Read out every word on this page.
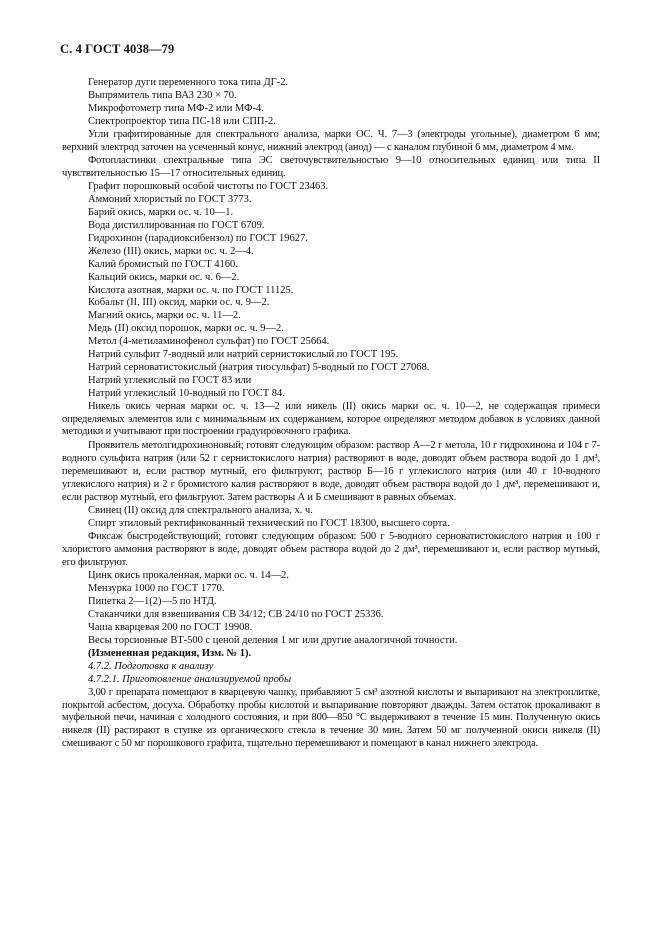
С. 4 ГОСТ 4038—79

Генератор дуги переменного тока типа ДГ-2.

Выпрямитель типа ВАЗ 230 × 70.

Микрофотометр типа МФ-2 или МФ-4.

Спектропроектор типа ПС-18 или СПП-2.

Угли графитированные для спектрального анализа, марки ОС. Ч. 7—3 (электроды угольные), диаметром 6 мм; верхний электрод заточен на усеченный конус, нижний электрод (анод) — с каналом глубиной 6 мм, диаметром 4 мм.

Фотопластинки спектральные типа ЭС светочувствительностью 9—10 относительных единиц или типа II чувствительностью 15—17 относительных единиц.

Графит порошковый особой чистоты по ГОСТ 23463.

Аммоний хлористый по ГОСТ 3773.

Барий окись, марки ос. ч. 10—1.

Вода дистиллированная по ГОСТ 6709.

Гидрохинон (парадиоксибензол) по ГОСТ 19627.

Железо (III) окись, марки ос. ч. 2—4.

Калий бромистый по ГОСТ 4160.

Кальций окись, марки ос. ч. 6—2.

Кислота азотная, марки ос. ч. по ГОСТ 11125.

Кобальт (II, III) оксид, марки ос. ч. 9—2.

Магний окись, марки ос. ч. 11—2.

Медь (II) оксид порошок, марки ос. ч. 9—2.

Метол (4-метиламинофенол сульфат) по ГОСТ 25664.

Натрий сульфит 7-водный или натрий сернистокислый по ГОСТ 195.

Натрий серноватистокислый (натрия тиосульфат) 5-водный по ГОСТ 27068.

Натрий углекислый по ГОСТ 83 или

Натрий углекислый 10-водный по ГОСТ 84.

Никель окись черная марки ос. ч. 13—2 или никель (II) окись марки ос. ч. 10—2, не содержащая примеси определяемых элементов или с минимальным их содержанием, которое определяют методом добавок в условиях данной методики и учитывают при построении градуировочного графика.

Проявитель метолгидрохиноновый; готовят следующим образом: раствор А—2 г метола, 10 г гидрохинона и 104 г 7-водного сульфита натрия (или 52 г сернистокислого натрия) растворяют в воде, доводят объем раствора водой до 1 дм³, перемешивают и, если раствор мутный, его фильтруют; раствор Б—16 г углекислого натрия (или 40 г 10-водного углекислого натрия) и 2 г бромистого калия растворяют в воде, доводят объем раствора водой до 1 дм³, перемешивают и, если раствор мутный, его фильтруют. Затем растворы А и Б смешивают в равных объемах.

Свинец (II) оксид для спектрального анализа, х. ч.

Спирт этиловый ректификованный технический по ГОСТ 18300, высшего сорта.

Фиксаж быстродействующий; готовят следующим образом: 500 г 5-водного серноватистокислого натрия и 100 г хлористого аммония растворяют в воде, доводят объем раствора водой до 2 дм³, перемешивают и, если раствор мутный, его фильтруют.

Цинк окись прокаленная, марки ос. ч. 14—2.

Мензурка 1000 по ГОСТ 1770.

Пипетка 2—1(2)—5 по НТД.

Стаканчики для взвешивания СВ 34/12; СВ 24/10 по ГОСТ 25336.

Чаша кварцевая 200 по ГОСТ 19908.

Весы торсионные ВТ-500 с ценой деления 1 мг или другие аналогичной точности.

(Измененная редакция, Изм. № 1).

4.7.2. Подготовка к анализу

4.7.2.1. Приготовление анализируемой пробы

3,00 г препарата помещают в кварцевую чашку, прибавляют 5 см³ азотной кислоты и выпаривают на электроплитке, покрытой асбестом, досуха. Обработку пробы кислотой и выпаривание повторяют дважды. Затем остаток прокаливают в муфельной печи, начиная с холодного состояния, и при 800—850 °С выдерживают в течение 15 мин. Полученную окись никеля (II) растирают в ступке из органического стекла в течение 30 мин. Затем 50 мг полученной окиси никеля (II) смешивают с 50 мг порошкового графита, тщательно перемешивают и помещают в канал нижнего электрода.
